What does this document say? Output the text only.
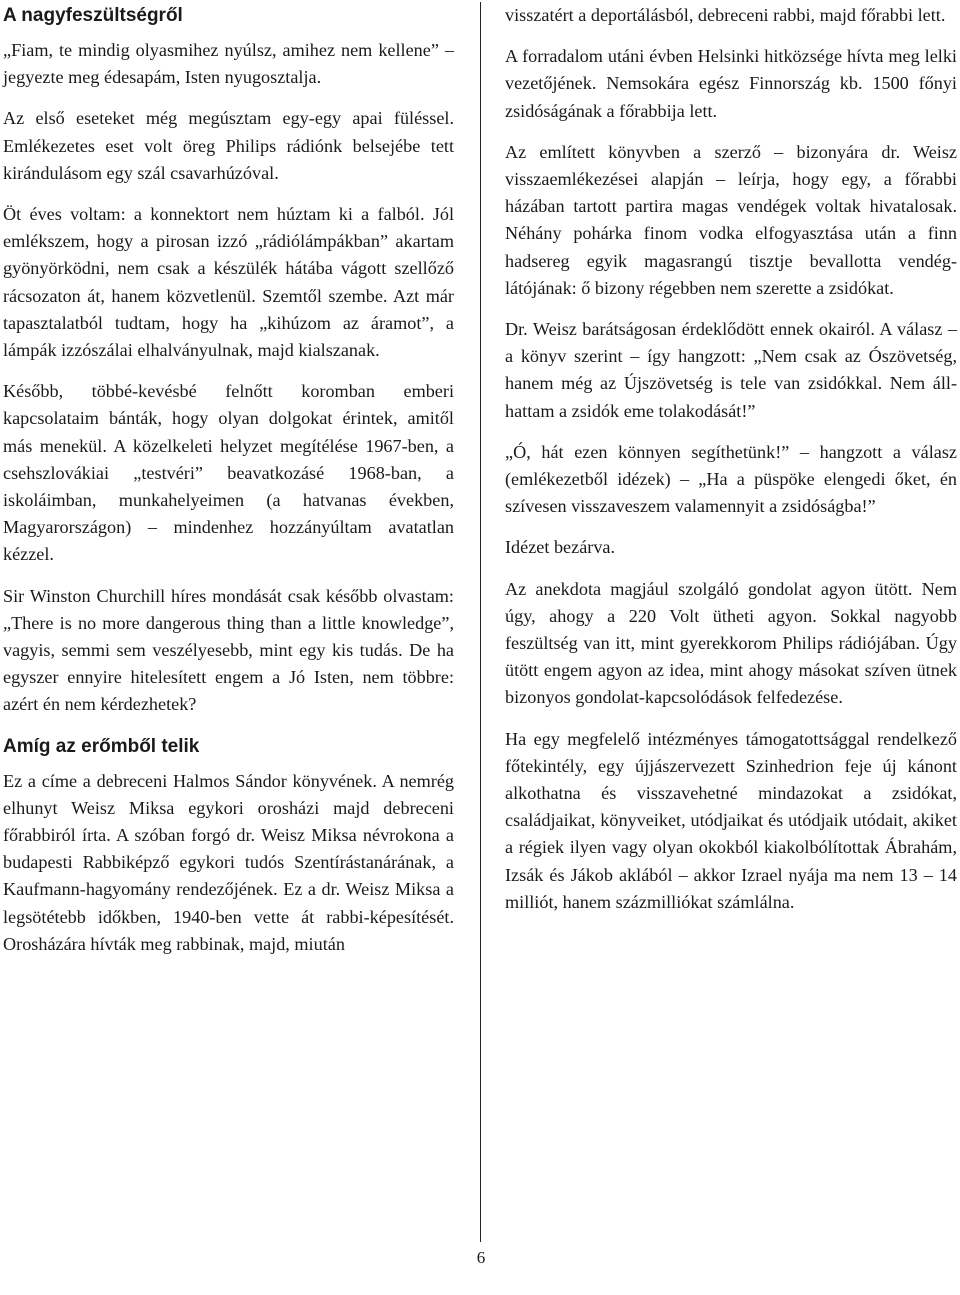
A nagyfeszültségről

„Fiam, te mindig olyasmihez nyúlsz, amihez nem kellene” – jegyezte meg édesapám, Isten nyugosztalja.

Az első eseteket még megúsztam egy-egy apai füléssel. Emlékezetes eset volt öreg Philips rádiónk belsejébe tett kirándulásom egy szál csavarhúzóval.

Öt éves voltam: a konnektort nem húztam ki a falból. Jól emlékszem, hogy a pirosan izzó „rádiólámpákban” akartam gyönyörködni, nem csak a készülék hátába vágott szellőző rácsozaton át, hanem közvetlenül. Szemtől szembe. Azt már tapasztalatból tudtam, hogy ha „kihúzom az áramot”, a lámpák izzószálai elhalványulnak, majd kialszanak.

Később, többé-kevésbé felnőtt koromban emberi kapcsolataim bánták, hogy olyan dolgokat érintek, amitől más menekül. A közelkeleti helyzet megítélése 1967-ben, a csehszlovákiai „testvéri” beavatkozásé 1968-ban, a iskoláimban, munkahelyeimen (a hatvanas években, Magyarországon) – mindenhez hozzányúltam avatatlan kézzel.

Sir Winston Churchill híres mondását csak később olvastam: „There is no more dangerous thing than a little knowledge”, vagyis, semmi sem veszélyesebb, mint egy kis tudás. De ha egyszer ennyire hitelesített engem a Jó Isten, nem többre: azért én nem kérdezhetek?

Amíg az erőmből telik

Ez a címe a debreceni Halmos Sándor könyvének. A nemrég elhunyt Weisz Miksa egykori orosházi majd debreceni főrabbiról írta. A szóban forgó dr. Weisz Miksa névrokona a budapesti Rabbiképző egykori tudós Szentírástanárának, a Kaufmann-hagyomány rendezőjének. Ez a dr. Weisz Miksa a legsötétebb időkben, 1940-ben vette át rabbi-képesítését. Orosházára hívták meg rabbinak, majd, miután

visszatért a deportálásból, debreceni rabbi, majd főrabbi lett.

A forradalom utáni évben Helsinki hitközsége hívta meg lelki vezetőjének. Nemsokára egész Finnország kb. 1500 főnyi zsidóságának a főrabbija lett.

Az említett könyvben a szerző – bizonyára dr. Weisz visszaemlékezései alapján – leírja, hogy egy, a főrabbi házában tartott partira magas vendégek voltak hivatalosak. Néhány pohárka finom vodka elfogyasztása után a finn hadsereg egyik magasrangú tisztje bevallotta vendéglátójának: ő bizony régebben nem szerette a zsidókat.

Dr. Weisz barátságosan érdeklődött ennek okairól. A válasz – a könyv szerint – így hangzott: „Nem csak az Ószövetség, hanem még az Újszövetség is tele van zsidókkal. Nem állhattam a zsidók eme tolakodását!”

„Ó, hát ezen könnyen segíthetünk!” – hangzott a válasz (emlékezetből idézek) – „Ha a püspöke elengedi őket, én szívesen visszaveszem valamennyit a zsidóságba!”

Idézet bezárva.

Az anekdota magjául szolgáló gondolat agyon ütött. Nem úgy, ahogy a 220 Volt ütheti agyon. Sokkal nagyobb feszültség van itt, mint gyerekkorom Philips rádiójában. Úgy ütött engem agyon az idea, mint ahogy másokat szíven ütnek bizonyos gondolat-kapcsolódások felfedezése.

Ha egy megfelelő intézményes támogatottsággal rendelkező főtekintély, egy újjászervezett Szinhedrion feje új kánont alkothatna és visszavehetné mindazokat a zsidókat, családjaikat, könyveiket, utódjaikat és utódjaik utódait, akiket a régiek ilyen vagy olyan okokból kiakolbólítottak Ábrahám, Izsák és Jákob aklából – akkor Izrael nyája ma nem 13 – 14 milliót, hanem százmilliókat számlálna.

6
